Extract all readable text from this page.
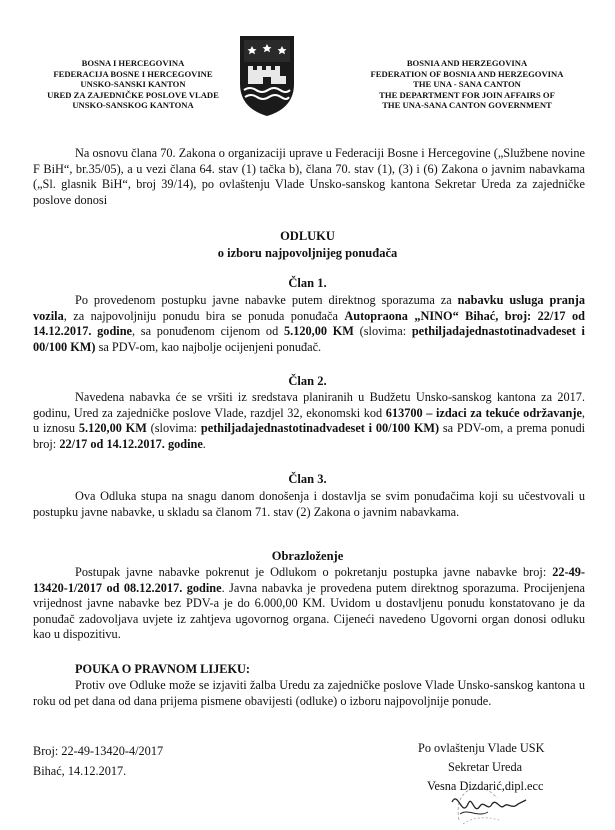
BOSNA I HERCEGOVINA
FEDERACIJA BOSNE I HERCEGOVINE
UNSKO-SANSKI KANTON
URED ZA ZAJEDNIČKE POSLOVE VLADE
UNSKO-SANSKOG KANTONA
BOSNIA AND HERZEGOVINA
FEDERATION OF BOSNIA AND HERZEGOVINA
THE UNA - SANA CANTON
THE DEPARTMENT FOR JOIN AFFAIRS OF
THE UNA-SANA CANTON GOVERNMENT
Na osnovu člana 70. Zakona o organizaciji uprave u Federaciji Bosne i Hercegovine („Službene novine F BiH“, br.35/05), a u vezi člana 64. stav (1) tačka b), člana 70. stav (1), (3) i (6) Zakona o javnim nabavkama („Sl. glasnik BiH“, broj 39/14), po ovlaštenju Vlade Unsko-sanskog kantona Sekretar Ureda za zajedničke poslove donosi
ODLUKU
o izboru najpovoljnijeg ponuđača
Član 1.
Po provedenom postupku javne nabavke putem direktnog sporazuma za nabavku usluga pranja vozila, za najpovoljniju ponudu bira se ponuda ponuđača Autopraona „NINO“ Bihać, broj: 22/17 od 14.12.2017. godine, sa ponuđenom cijenom od 5.120,00 KM (slovima: pethiljadajednastotinadvadeset i 00/100 KM) sa PDV-om, kao najbolje ocijenjeni ponuđač.
Član 2.
Navedena nabavka će se vršiti iz sredstava planiranih u Budžetu Unsko-sanskog kantona za 2017. godinu, Ured za zajedničke poslove Vlade, razdjel 32, ekonomski kod 613700 – izdaci za tekuće održavanje, u iznosu 5.120,00 KM (slovima: pethiljadajednastotinadvadeset i 00/100 KM) sa PDV-om, a prema ponudi broj: 22/17 od 14.12.2017. godine.
Član 3.
Ova Odluka stupa na snagu danom donošenja i dostavlja se svim ponuđačima koji su učestvovali u postupku javne nabavke, u skladu sa članom 71. stav (2) Zakona o javnim nabavkama.
Obrazloženje
Postupak javne nabavke pokrenut je Odlukom o pokretanju postupka javne nabavke broj: 22-49-13420-1/2017 od 08.12.2017. godine. Javna nabavka je provedena putem direktnog sporazuma. Procijenjena vrijednost javne nabavke bez PDV-a je do 6.000,00 KM. Uvidom u dostavljenu ponudu konstatovano je da ponuđač zadovoljava uvjete iz zahtjeva ugovornog organa. Cijeneći navedeno Ugovorni organ donosi odluku kao u dispozitivu.
POUKA O PRAVNOM LIJEKU:
Protiv ove Odluke može se izjaviti žalba Uredu za zajedničke poslove Vlade Unsko-sanskog kantona u roku od pet dana od dana prijema pismene obavijesti (odluke) o izboru najpovoljnije ponude.
Broj: 22-49-13420-4/2017
Bihać, 14.12.2017.
Po ovlaštenju Vlade USK
Sekretar Ureda
Vesna Dizdarić,dipl.ecc
